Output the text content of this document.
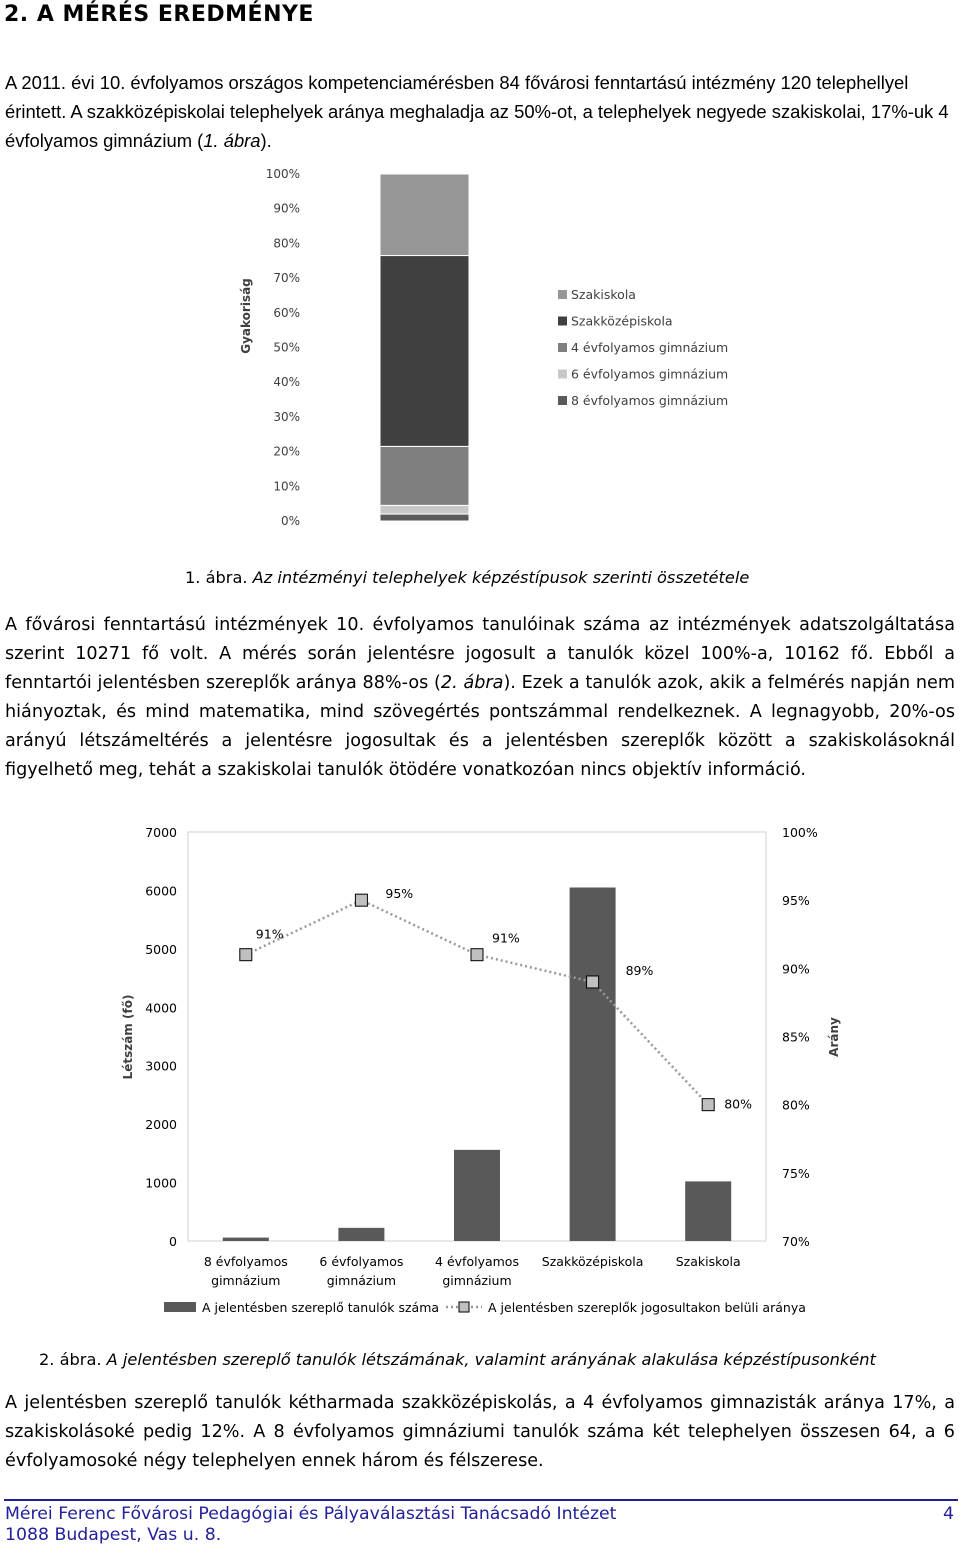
2. A MÉRÉS EREDMÉNYE
A 2011. évi 10. évfolyamos országos kompetenciamérésben 84 fővárosi fenntartású intézmény 120 telephellyel érintett. A szakközépiskolai telephelyek aránya meghaladja az 50%-ot, a telephelyek negyede szakiskolai, 17%-uk 4 évfolyamos gimnázium (1. ábra).
0%
10%
20%
30%
40%
50%
60%
70%
80%
90%
100%
Szakiskola
Szakközépiskola
4 évfolyamos gimnázium
6 évfolyamos gimnázium
8 évfolyamos gimnázium
Gyakoriság
1. ábra. Az intézményi telephelyek képzéstípusok szerinti összetétele
A fővárosi fenntartású intézmények 10. évfolyamos tanulóinak száma az intézmények adatszolgáltatása szerint 10271 fő volt. A mérés során jelentésre jogosult a tanulók közel 100%-a, 10162 fő. Ebből a fenntartói jelentésben szereplők aránya 88%-os (2. ábra). Ezek a tanulók azok, akik a felmérés napján nem hiányoztak, és mind matematika, mind szövegértés pontszámmal rendelkeznek. A legnagyobb, 20%-os arányú létszámeltérés a jelentésre jogosultak és a jelentésben szereplők között a szakiskolásoknál figyelhető meg, tehát a szakiskolai tanulók ötödére vonatkozóan nincs objektív információ.
0
1000
2000
3000
4000
5000
6000
7000
70%
75%
80%
85%
90%
95%
100%
91%
95%
91%
89%
80%
8 évfolyamos
gimnázium
6 évfolyamos
gimnázium
4 évfolyamos
gimnázium
Szakközépiskola	Szakiskola
A jelentésben szereplő tanulók száma	A jelentésben szereplők jogosultakon belüli aránya
Létszám (fő)	Arány
2. ábra. A jelentésben szereplő tanulók létszámának, valamint arányának alakulása képzéstípusonként
A jelentésben szereplő tanulók kétharmada szakközépiskolás, a 4 évfolyamos gimnazisták aránya 17%, a szakiskolásoké pedig 12%. A 8 évfolyamos gimnáziumi tanulók száma két telephelyen összesen 64, a 6 évfolyamosoké négy telephelyen ennek három és félszerese.
Mérei Ferenc Fővárosi Pedagógiai és Pályaválasztási Tanácsadó Intézet
1088 Budapest, Vas u. 8.
4
